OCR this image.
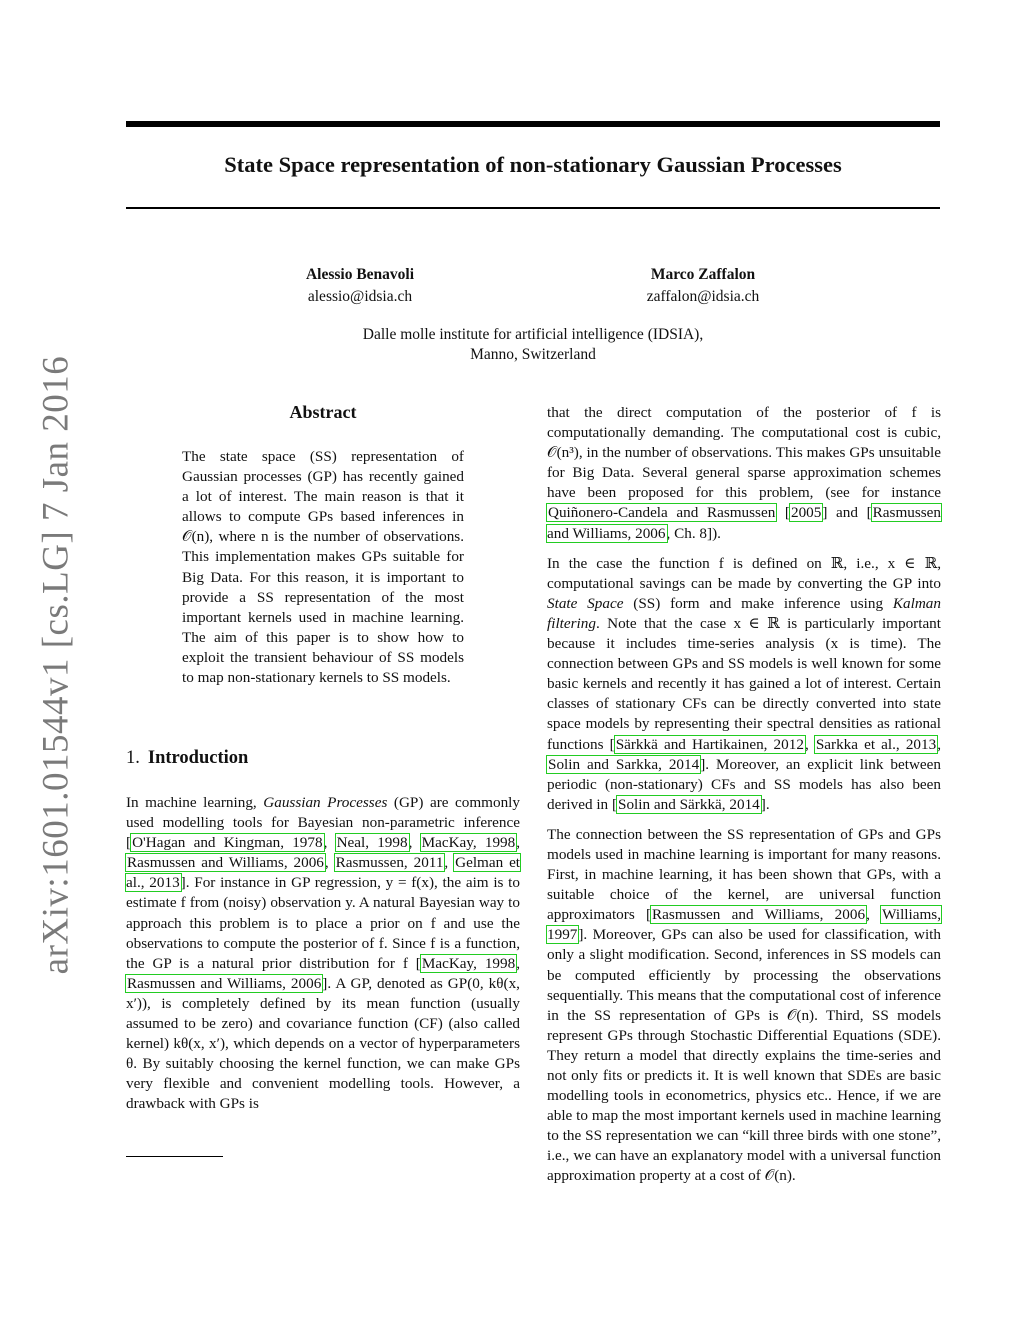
arXiv:1601.01544v1 [cs.LG] 7 Jan 2016
State Space representation of non-stationary Gaussian Processes
Alessio Benavoli
alessio@idsia.ch
Marco Zaffalon
zaffalon@idsia.ch
Dalle molle institute for artificial intelligence (IDSIA),
Manno, Switzerland
Abstract
The state space (SS) representation of Gaussian processes (GP) has recently gained a lot of interest. The main reason is that it allows to compute GPs based inferences in 𝒪(n), where n is the number of observations. This implementation makes GPs suitable for Big Data. For this reason, it is important to provide a SS representation of the most important kernels used in machine learning. The aim of this paper is to show how to exploit the transient behaviour of SS models to map non-stationary kernels to SS models.
1. Introduction

In machine learning, Gaussian Processes (GP) are commonly used modelling tools for Bayesian non-parametric inference [O'Hagan and Kingman, 1978, Neal, 1998, MacKay, 1998, Rasmussen and Williams, 2006, Rasmussen, 2011, Gelman et al., 2013]. For instance in GP regression, y = f(x), the aim is to estimate f from (noisy) observation y. A natural Bayesian way to approach this problem is to place a prior on f and use the observations to compute the posterior of f. Since f is a function, the GP is a natural prior distribution for f [MacKay, 1998, Rasmussen and Williams, 2006]. A GP, denoted as GP(0, kθ(x, x′)), is completely defined by its mean function (usually assumed to be zero) and covariance function (CF) (also called kernel) kθ(x, x′), which depends on a vector of hyperparameters θ. By suitably choosing the kernel function, we can make GPs very flexible and convenient modelling tools. However, a drawback with GPs is

that the direct computation of the posterior of f is computationally demanding. The computational cost is cubic, 𝒪(n³), in the number of observations. This makes GPs unsuitable for Big Data. Several general sparse approximation schemes have been proposed for this problem, (see for instance Quiñonero-Candela and Rasmussen [2005] and [Rasmussen and Williams, 2006, Ch. 8]).

In the case the function f is defined on ℝ, i.e., x ∈ ℝ, computational savings can be made by converting the GP into State Space (SS) form and make inference using Kalman filtering. Note that the case x ∈ ℝ is particularly important because it includes time-series analysis (x is time). The connection between GPs and SS models is well known for some basic kernels and recently it has gained a lot of interest. Certain classes of stationary CFs can be directly converted into state space models by representing their spectral densities as rational functions [Särkkä and Hartikainen, 2012, Sarkka et al., 2013, Solin and Sarkka, 2014]. Moreover, an explicit link between periodic (non-stationary) CFs and SS models has also been derived in [Solin and Särkkä, 2014].

The connection between the SS representation of GPs and GPs models used in machine learning is important for many reasons. First, in machine learning, it has been shown that GPs, with a suitable choice of the kernel, are universal function approximators [Rasmussen and Williams, 2006, Williams, 1997]. Moreover, GPs can also be used for classification, with only a slight modification. Second, inferences in SS models can be computed efficiently by processing the observations sequentially. This means that the computational cost of inference in the SS representation of GPs is 𝒪(n). Third, SS models represent GPs through Stochastic Differential Equations (SDE). They return a model that directly explains the time-series and not only fits or predicts it. It is well known that SDEs are basic modelling tools in econometrics, physics etc.. Hence, if we are able to map the most important kernels used in machine learning to the SS representation we can “kill three birds with one stone”, i.e., we can have an explanatory model with a universal function approximation property at a cost of 𝒪(n).
